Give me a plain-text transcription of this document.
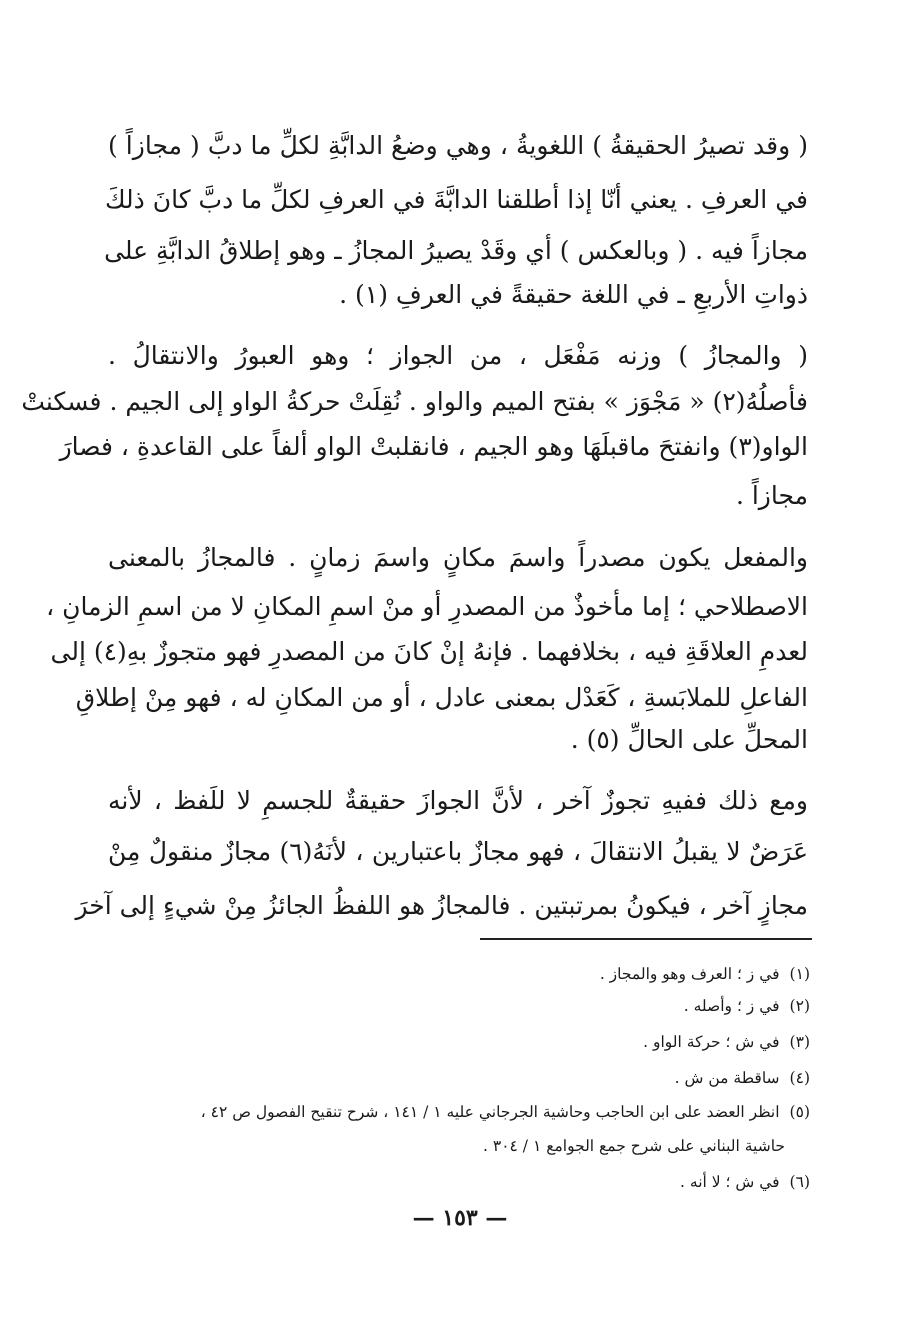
( وقد تصيرُ الحقيقةُ ) اللغويةُ ، وهي وضعُ الدابَّةِ لكلِّ ما دبَّ ( مجازاً )
في العرفِ . يعني أنّا إذا أطلقنا الدابَّةَ في العرفِ لكلِّ ما دبَّ كانَ ذلكَ
مجازاً فيه . ( وبالعكس ) أي وقَدْ يصيرُ المجازُ ـ وهو إطلاقُ الدابَّةِ على
ذواتِ الأربعِ ـ في اللغة حقيقةً في العرفِ (١) .
( والمجازُ ) وزنه مَفْعَل ، من الجواز ؛ وهو العبورُ والانتقالُ .
فأصلُهُ(٢) « مَجْوَز » بفتح الميم والواو . نُقِلَتْ حركةُ الواو إلى الجيم . فسكنتْ
الواو(٣) وانفتحَ ماقبلَهَا وهو الجيم ، فانقلبتْ الواو ألفاً على القاعدةِ ، فصارَ
مجازاً .
والمفعل يكون مصدراً واسمَ مكانٍ واسمَ زمانٍ . فالمجازُ بالمعنى
الاصطلاحي ؛ إما مأخوذٌ من المصدرِ أو منْ اسمِ المكانِ لا من اسمِ الزمانِ ،
لعدمِ العلاقَةِ فيه ، بخلافهما . فإنهُ إنْ كانَ من المصدرِ فهو متجوزٌ بهِ(٤) إلى
الفاعلِ للملابَسةِ ، كَعَدْل بمعنى عادل ، أو من المكانِ له ، فهو مِنْ إطلاقِ
المحلِّ على الحالِّ (٥) .
ومع ذلك ففيهِ تجوزٌ آخر ، لأنَّ الجوازَ حقيقةٌ للجسمِ لا للَفظ ، لأنه
عَرَضٌ لا يقبلُ الانتقالَ ، فهو مجازٌ باعتبارين ، لأنَهُ(٦) مجازٌ منقولٌ مِنْ
مجازٍ آخر ، فيكونُ بمرتبتين . فالمجازُ هو اللفظُ الجائزُ مِنْ شيءٍ إلى آخرَ
(١)في ز ؛ العرف وهو والمجاز .
(٢)في ز ؛ وأصله .
(٣)في ش ؛ حركة الواو .
(٤)ساقطة من ش .
(٥)انظر العضد على ابن الحاجب وحاشية الجرجاني عليه ١ / ١٤١ ، شرح تنقيح الفصول ص ٤٢ ،
حاشية البناني على شرح جمع الجوامع ١ / ٣٠٤ .
(٦)في ش ؛ لا أنه .
— ١٥٣ —
